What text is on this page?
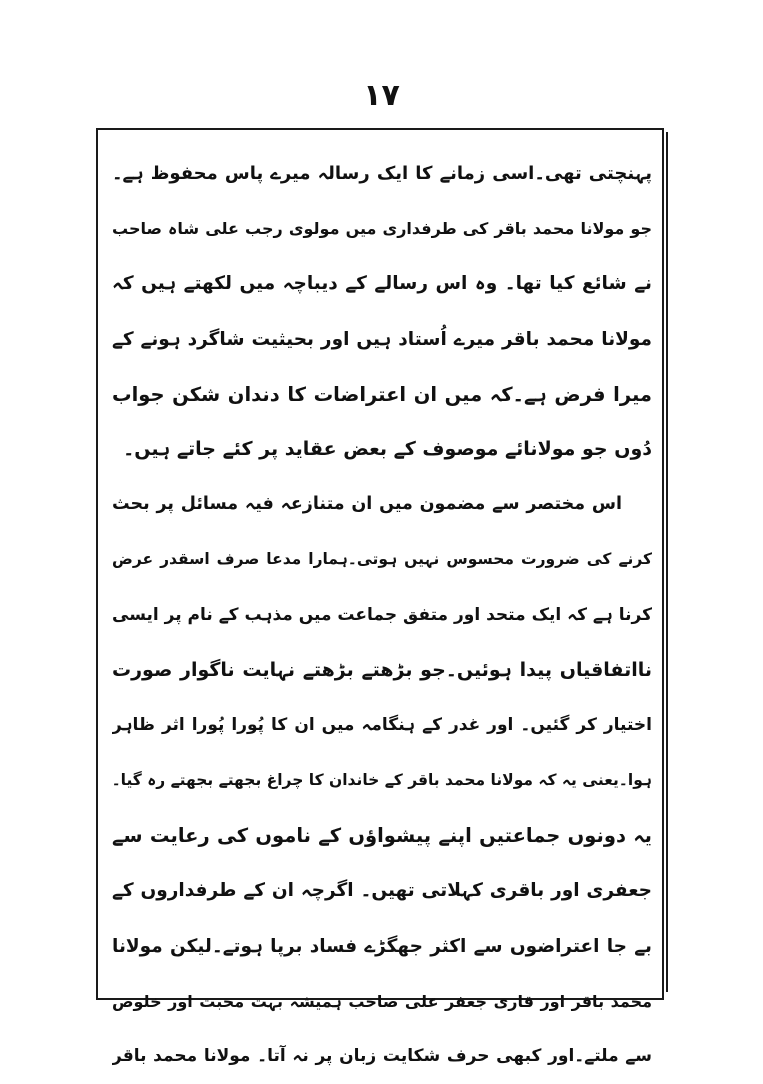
١٧
پہنچتی تھی۔اسی زمانے کا ایک رسالہ میرے پاس محفوظ ہے۔
جو مولانا محمد باقر کی طرفداری میں مولوی رجب علی شاہ صاحب
نے شائع کیا تھا۔ وہ اس رسالے کے دیباچہ میں لکھتے ہیں کہ
مولانا محمد باقر میرے اُستاد ہیں اور بحیثیت شاگرد ہونے کے
میرا فرض ہے۔کہ میں ان اعتراضات کا دندان شکن جواب
دُوں جو مولانائے موصوف کے بعض عقاید پر کئے جاتے ہیں۔
اس مختصر سے مضمون میں ان متنازعہ فیہ مسائل پر بحث
کرنے کی ضرورت محسوس نہیں ہوتی۔ہمارا مدعا صرف اسقدر عرض
کرنا ہے کہ ایک متحد اور متفق جماعت میں مذہب کے نام پر ایسی
نااتفاقیاں پیدا ہوئیں۔جو بڑھتے بڑھتے نہایت ناگوار صورت
اختیار کر گئیں۔ اور غدر کے ہنگامہ میں ان کا پُورا پُورا اثر ظاہر
ہوا۔یعنی یہ کہ مولانا محمد باقر کے خاندان کا چراغ بجھتے بجھتے رہ گیا۔
یہ دونوں جماعتیں اپنے پیشواؤں کے ناموں کی رعایت سے
جعفری اور باقری کہلاتی تھیں۔ اگرچہ ان کے طرفداروں کے
بے جا اعتراضوں سے اکثر جھگڑے فساد برپا ہوتے۔لیکن مولانا
محمد باقر اور قاری جعفر علی صاحب ہمیشہ بہت محبت اور خلوص
سے ملتے۔اور کبھی حرف شکایت زبان پر نہ آتا۔ مولانا محمد باقر
